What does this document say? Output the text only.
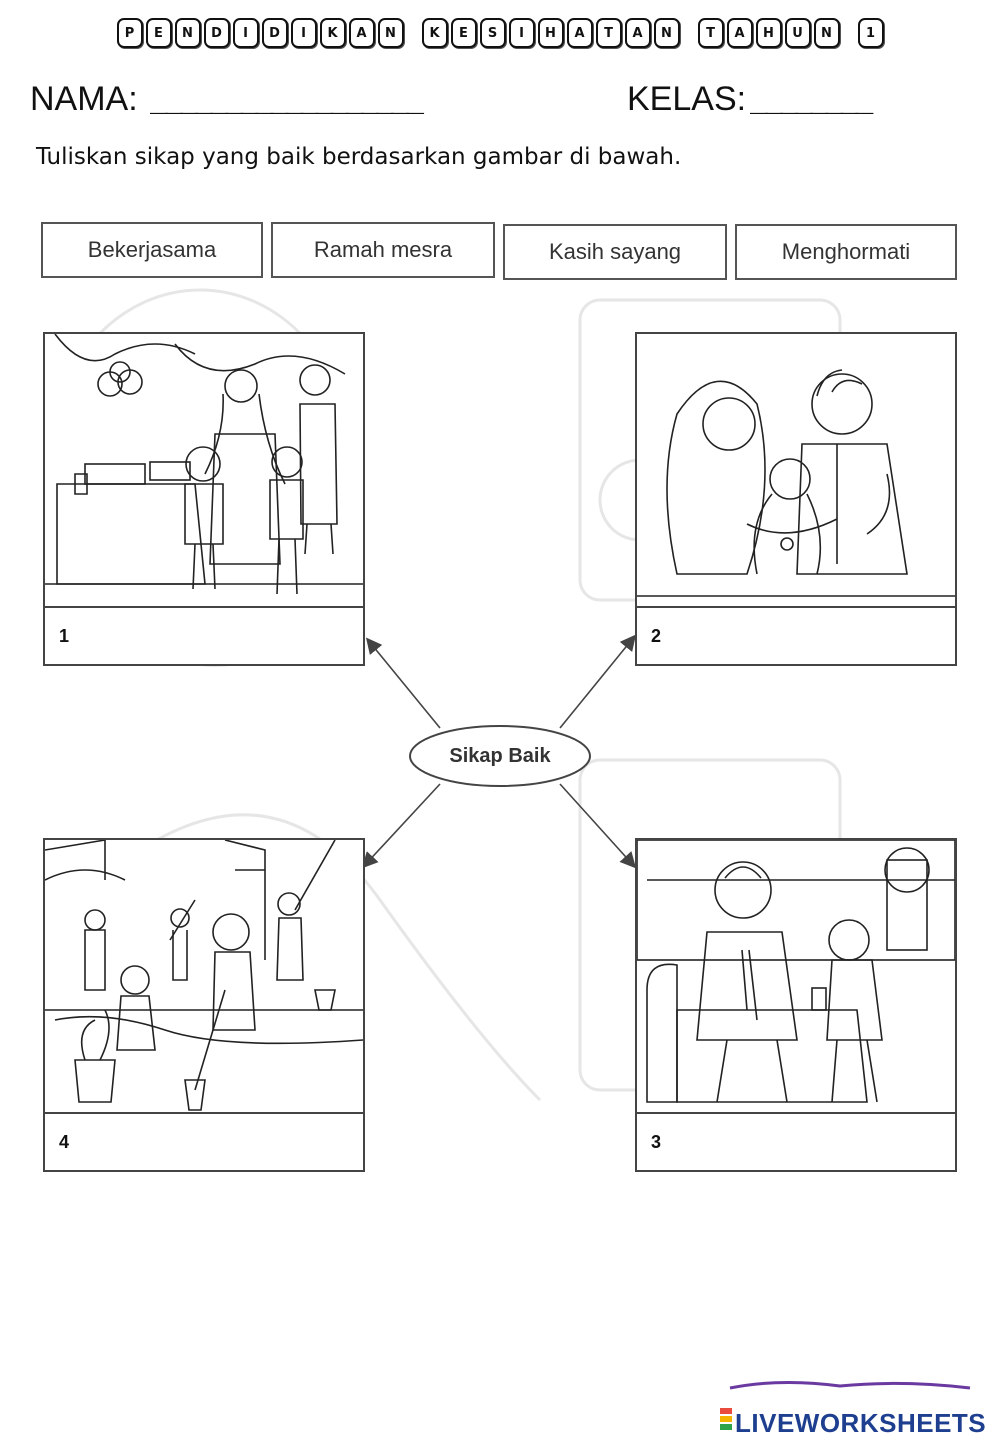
P	E	N	D	I	D	I	K	A	N	K	E	S	I	H	A	T	A	N	T	A	H	U	N	1
NAMA: __________________	KELAS: ________
Tuliskan sikap yang baik berdasarkan gambar di bawah.
Bekerjasama	Ramah mesra	Kasih sayang	Menghormati
Sikap Baik
1	2
4	3
LIVEWORKSHEETS
